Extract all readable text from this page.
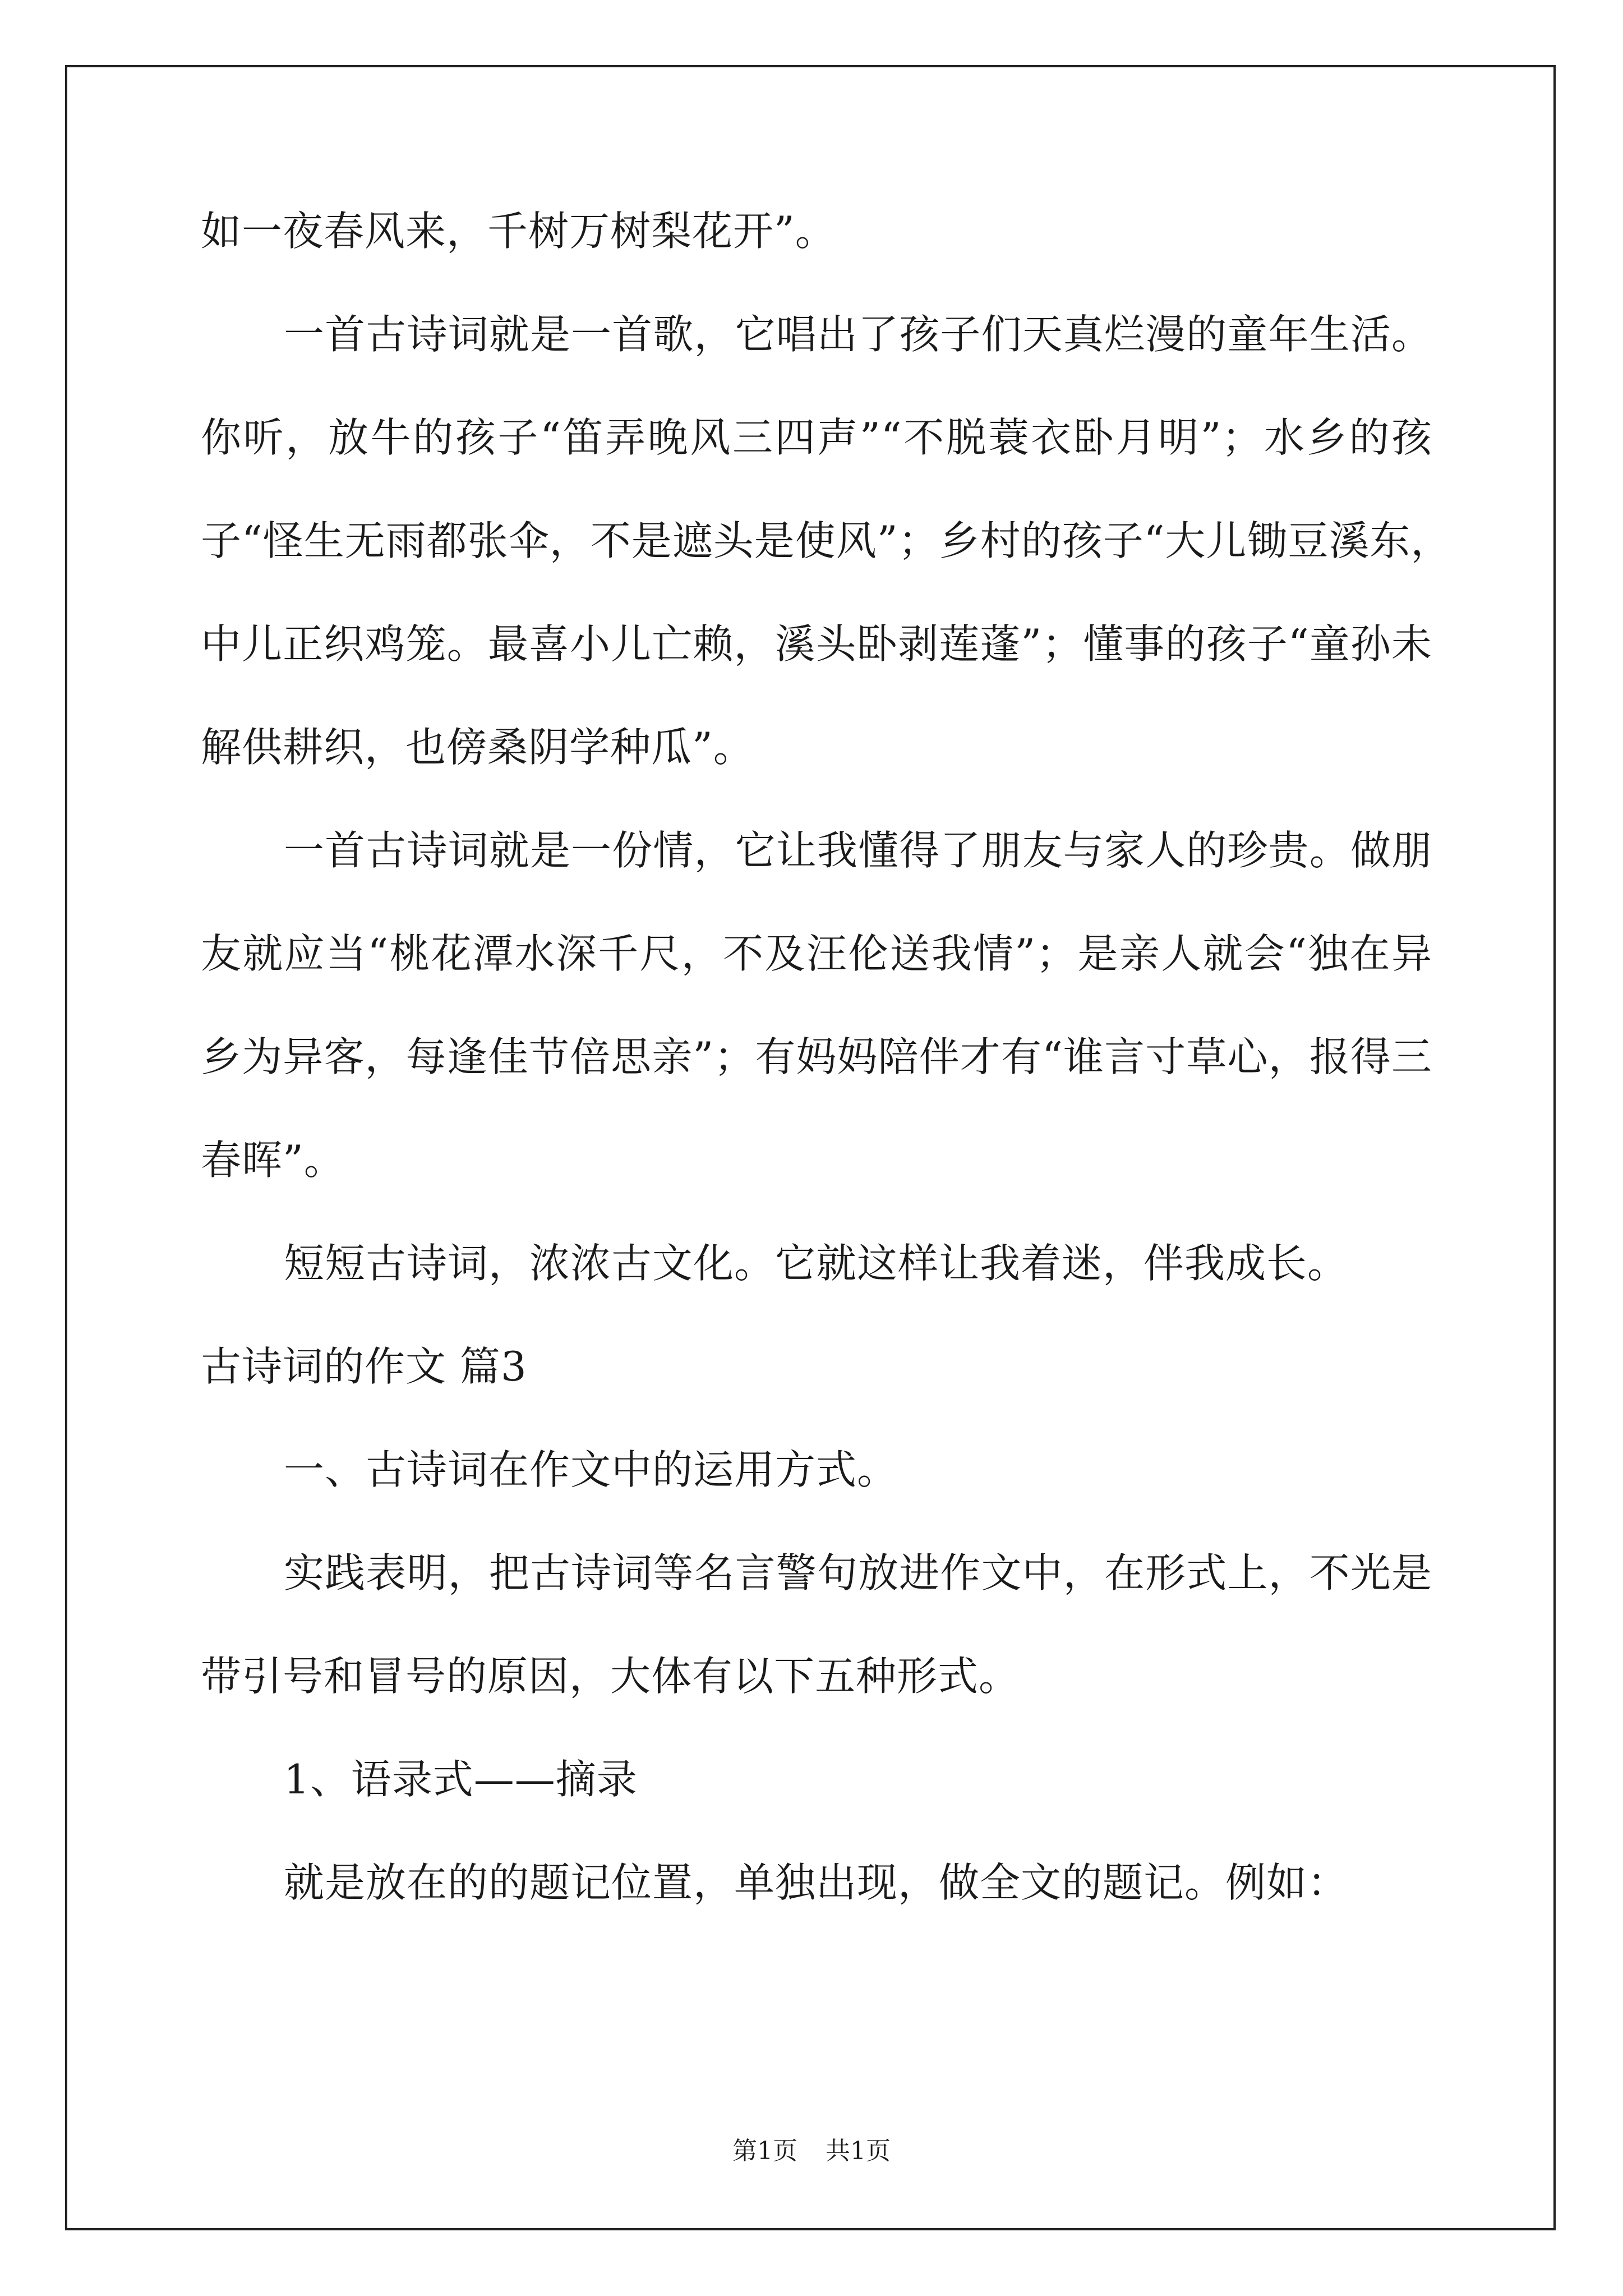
如一夜春风来，千树万树梨花开”。
一首古诗词就是一首歌，它唱出了孩子们天真烂漫的童年生活。
你听，放牛的孩子“笛弄晚风三四声”“不脱蓑衣卧月明”；水乡的孩
子“怪生无雨都张伞，不是遮头是使风”；乡村的孩子“大儿锄豆溪东，
中儿正织鸡笼。最喜小儿亡赖，溪头卧剥莲蓬”；懂事的孩子“童孙未
解供耕织，也傍桑阴学种瓜”。
一首古诗词就是一份情，它让我懂得了朋友与家人的珍贵。做朋
友就应当“桃花潭水深千尺，不及汪伦送我情”；是亲人就会“独在异
乡为异客，每逢佳节倍思亲”；有妈妈陪伴才有“谁言寸草心，报得三
春晖”。
短短古诗词，浓浓古文化。它就这样让我着迷，伴我成长。
古诗词的作文 篇3
一、古诗词在作文中的运用方式。
实践表明，把古诗词等名言警句放进作文中，在形式上，不光是
带引号和冒号的原因，大体有以下五种形式。
1、语录式——摘录
就是放在的的题记位置，单独出现，做全文的题记。例如：
第1页 共1页
